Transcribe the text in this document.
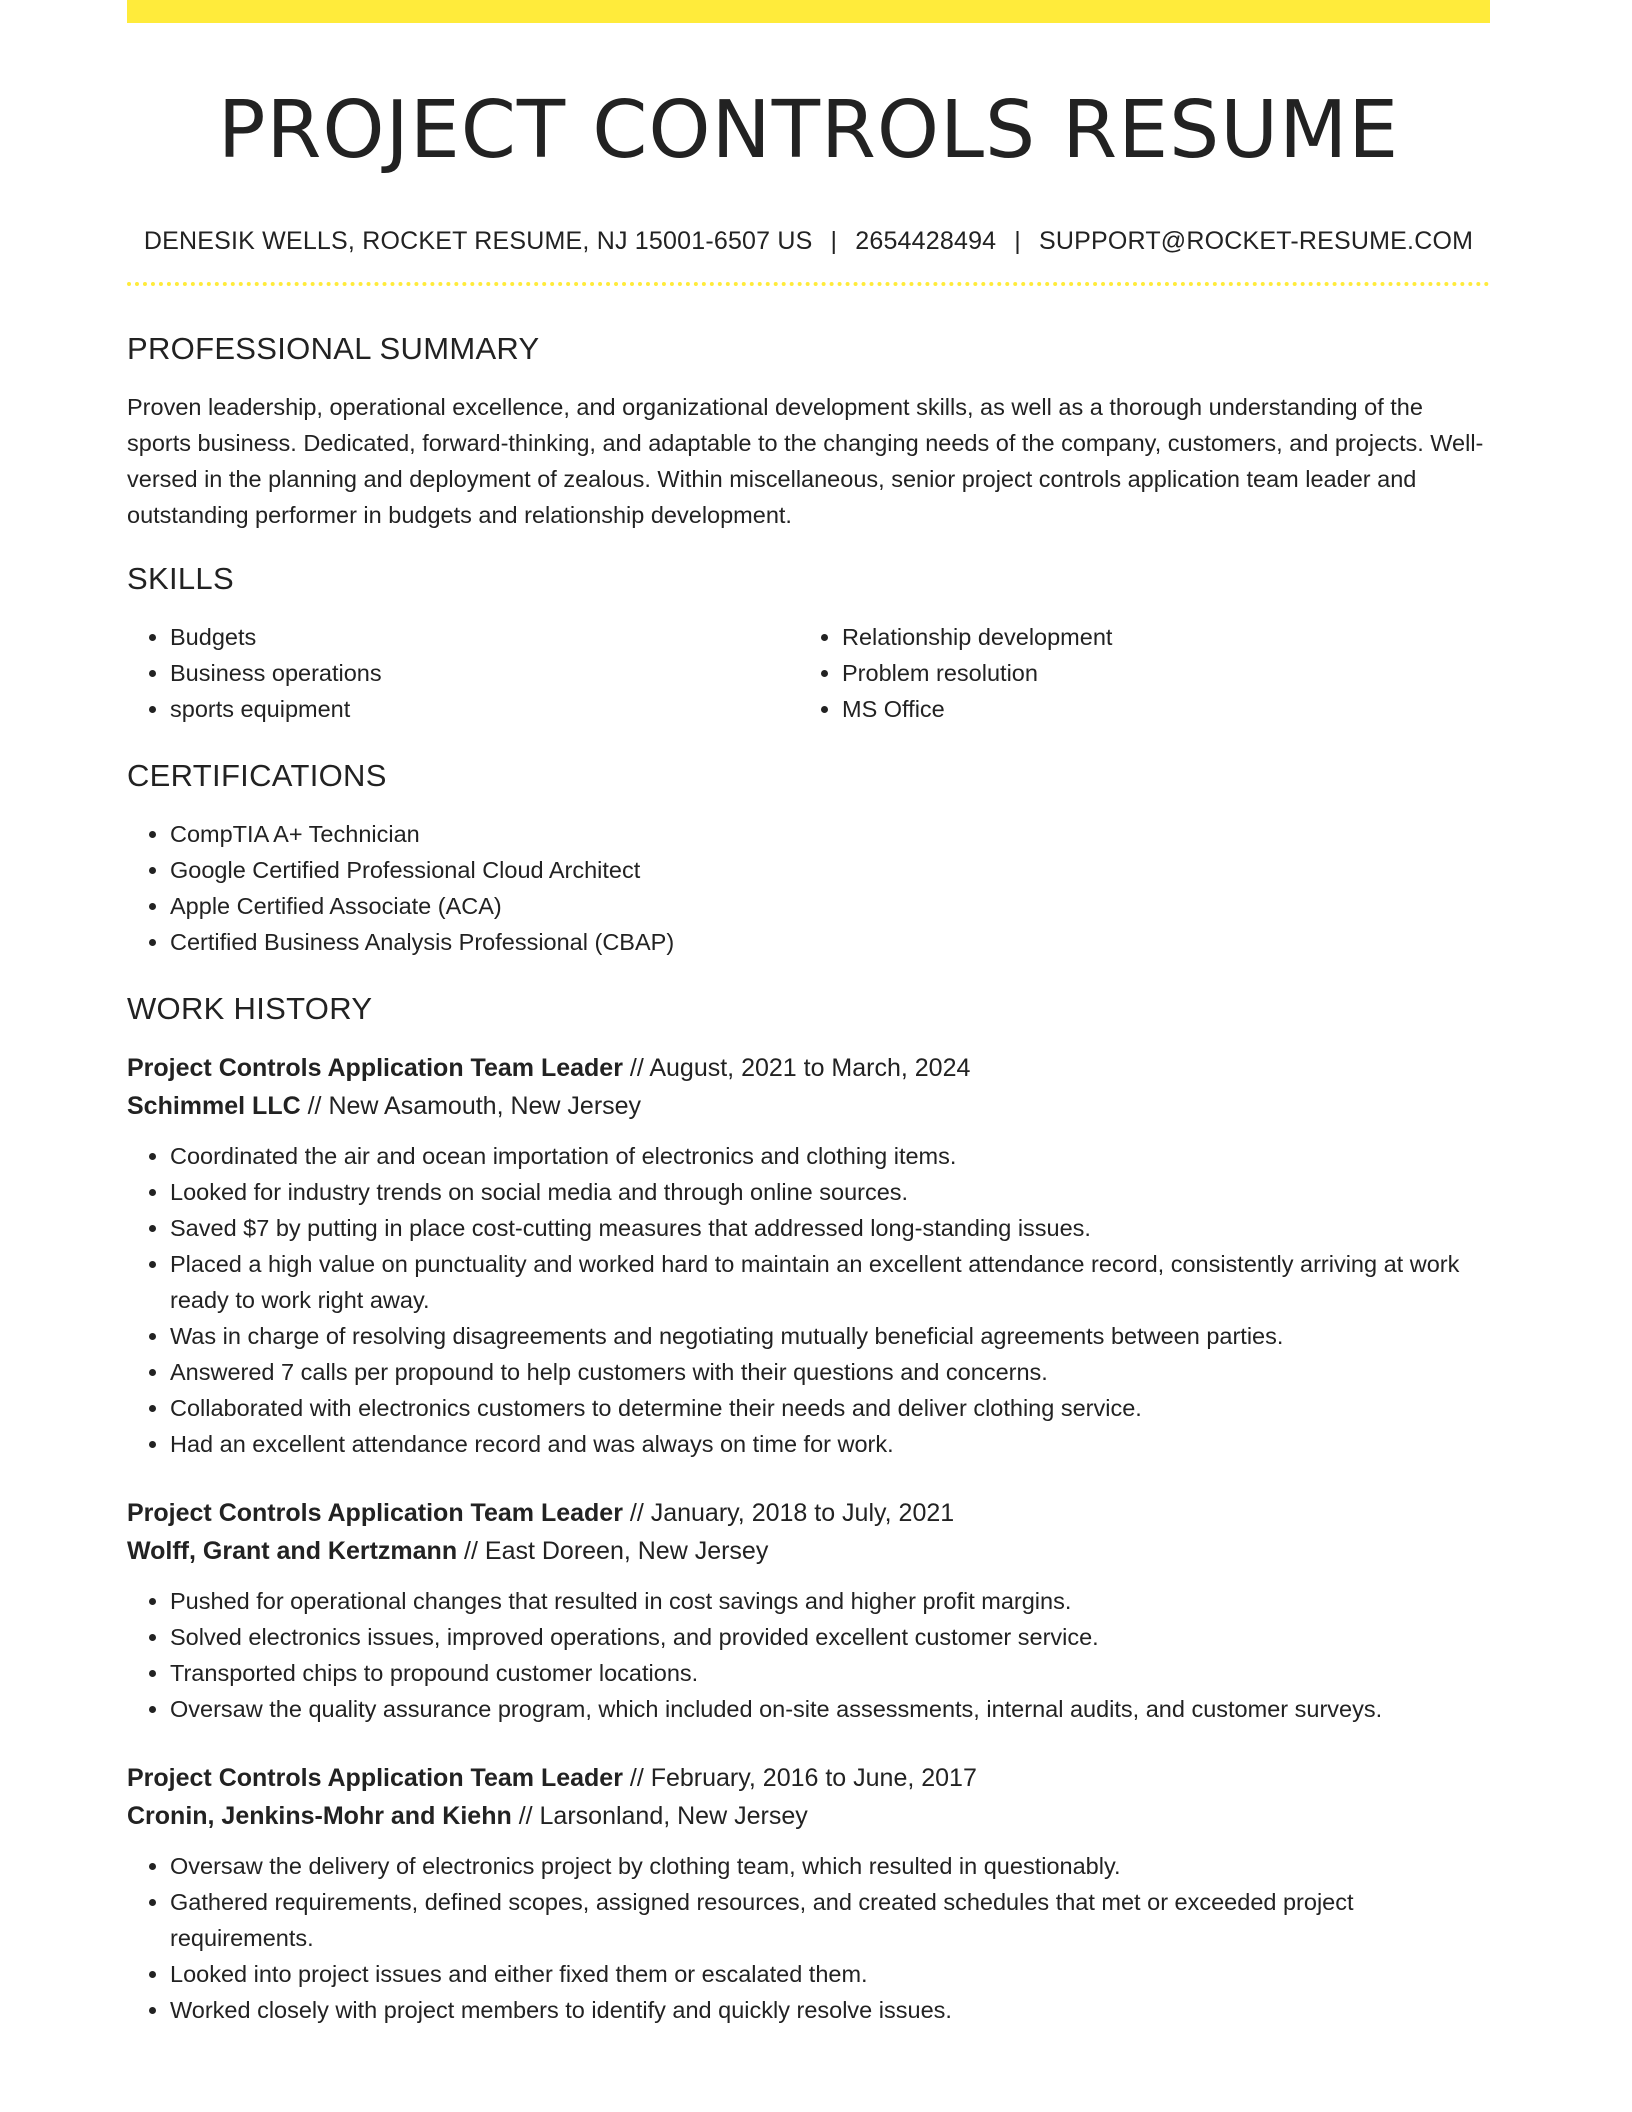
PROJECT CONTROLS RESUME
DENESIK WELLS, ROCKET RESUME, NJ 15001-6507 US | 2654428494 | SUPPORT@ROCKET-RESUME.COM
PROFESSIONAL SUMMARY
Proven leadership, operational excellence, and organizational development skills, as well as a thorough understanding of the sports business. Dedicated, forward-thinking, and adaptable to the changing needs of the company, customers, and projects. Well-versed in the planning and deployment of zealous. Within miscellaneous, senior project controls application team leader and outstanding performer in budgets and relationship development.
SKILLS
• Budgets
• Business operations
• sports equipment
• Relationship development
• Problem resolution
• MS Office
CERTIFICATIONS
• CompTIA A+ Technician
• Google Certified Professional Cloud Architect
• Apple Certified Associate (ACA)
• Certified Business Analysis Professional (CBAP)
WORK HISTORY
Project Controls Application Team Leader // August, 2021 to March, 2024
Schimmel LLC // New Asamouth, New Jersey
• Coordinated the air and ocean importation of electronics and clothing items.
• Looked for industry trends on social media and through online sources.
• Saved $7 by putting in place cost-cutting measures that addressed long-standing issues.
• Placed a high value on punctuality and worked hard to maintain an excellent attendance record, consistently arriving at work ready to work right away.
• Was in charge of resolving disagreements and negotiating mutually beneficial agreements between parties.
• Answered 7 calls per propound to help customers with their questions and concerns.
• Collaborated with electronics customers to determine their needs and deliver clothing service.
• Had an excellent attendance record and was always on time for work.
Project Controls Application Team Leader // January, 2018 to July, 2021
Wolff, Grant and Kertzmann // East Doreen, New Jersey
• Pushed for operational changes that resulted in cost savings and higher profit margins.
• Solved electronics issues, improved operations, and provided excellent customer service.
• Transported chips to propound customer locations.
• Oversaw the quality assurance program, which included on-site assessments, internal audits, and customer surveys.
Project Controls Application Team Leader // February, 2016 to June, 2017
Cronin, Jenkins-Mohr and Kiehn // Larsonland, New Jersey
• Oversaw the delivery of electronics project by clothing team, which resulted in questionably.
• Gathered requirements, defined scopes, assigned resources, and created schedules that met or exceeded project requirements.
• Looked into project issues and either fixed them or escalated them.
• Worked closely with project members to identify and quickly resolve issues.
